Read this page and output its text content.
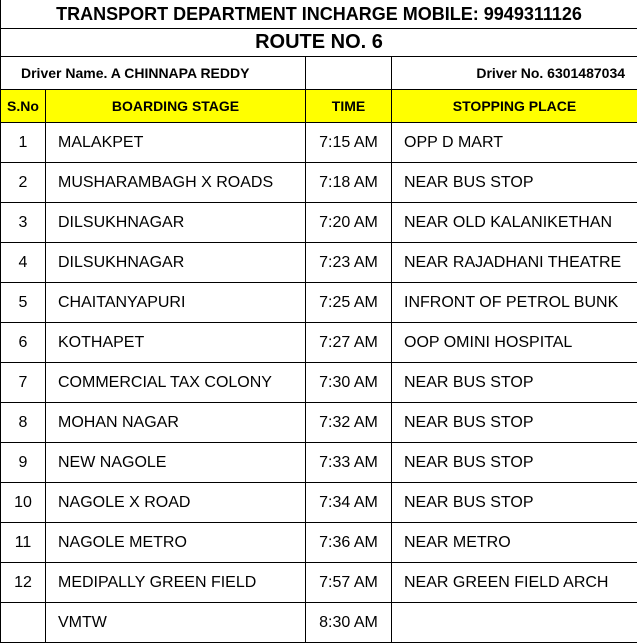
TRANSPORT DEPARTMENT INCHARGE MOBILE: 9949311126			
ROUTE NO. 6			
Driver Name. A CHINNAPA REDDY			Driver No. 6301487034
S.No	BOARDING STAGE	TIME	STOPPING PLACE
1	MALAKPET	7:15 AM	OPP D MART
2	MUSHARAMBAGH X ROADS	7:18 AM	NEAR BUS STOP
3	DILSUKHNAGAR	7:20 AM	NEAR OLD KALANIKETHAN
4	DILSUKHNAGAR	7:23 AM	NEAR RAJADHANI THEATRE
5	CHAITANYAPURI	7:25 AM	INFRONT OF PETROL BUNK
6	KOTHAPET	7:27 AM	OOP OMINI HOSPITAL
7	COMMERCIAL TAX COLONY	7:30 AM	NEAR BUS STOP
8	MOHAN NAGAR	7:32 AM	NEAR BUS STOP
9	NEW NAGOLE	7:33 AM	NEAR BUS STOP
10	NAGOLE X ROAD	7:34 AM	NEAR BUS STOP
11	NAGOLE METRO	7:36 AM	NEAR METRO
12	MEDIPALLY GREEN FIELD	7:57 AM	NEAR GREEN FIELD ARCH
	VMTW	8:30 AM	
